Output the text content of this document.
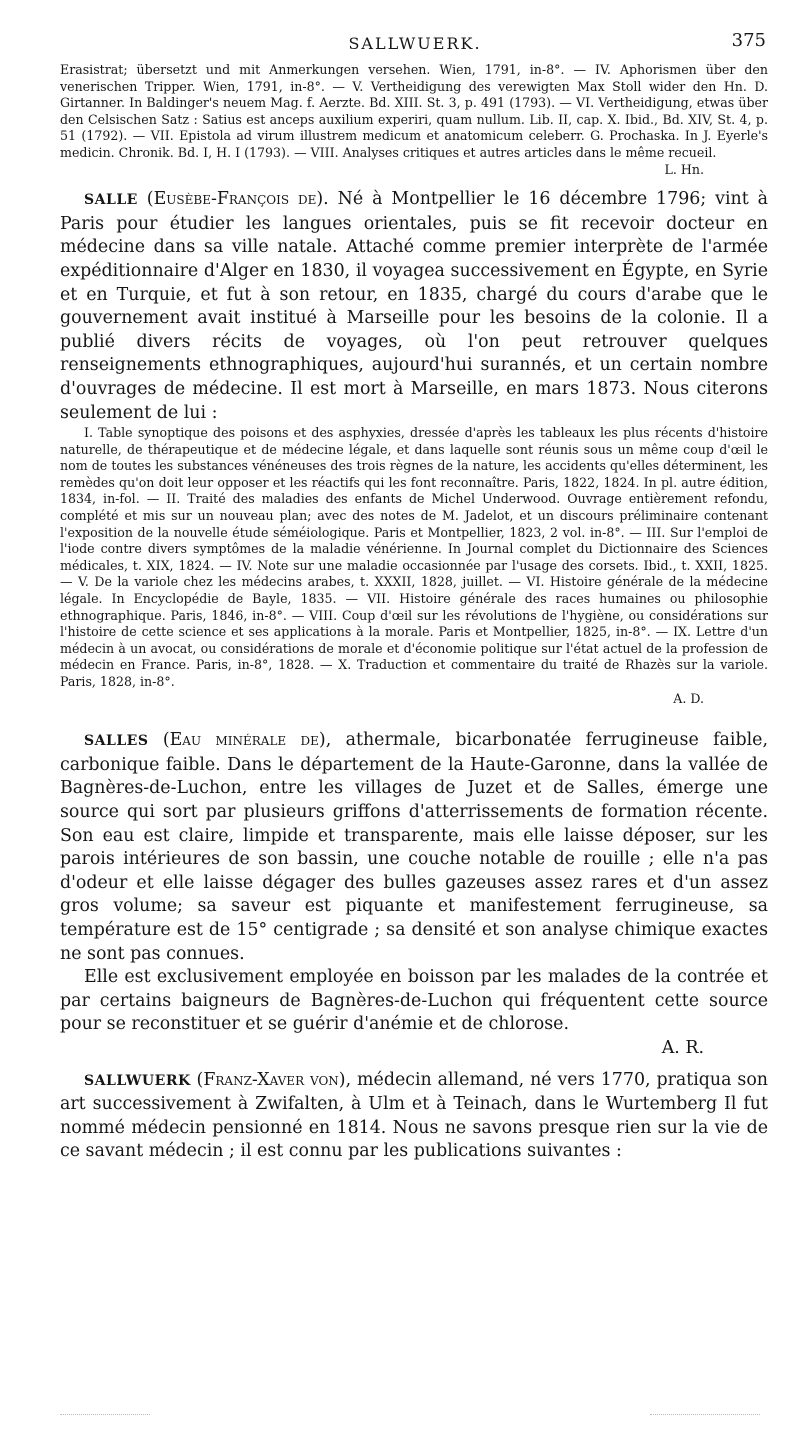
SALLWUERK.	375

Erasistrat; übersetzt und mit Anmerkungen versehen. Wien, 1791, in-8°. — IV. Aphorismen über den venerischen Tripper. Wien, 1791, in-8°. — V. Vertheidigung des verewigten Max Stoll wider den Hn. D. Girtanner. In Baldinger's neuem Mag. f. Aerzte. Bd. XIII. St. 3, p. 491 (1793). — VI. Vertheidigung, etwas über den Celsischen Satz : Satius est anceps auxilium experiri, quam nullum. Lib. II, cap. X. Ibid., Bd. XIV, St. 4, p. 51 (1792). — VII. Epistola ad virum illustrem medicum et anatomicum celeberr. G. Prochaska. In J. Eyerle's medicin. Chronik. Bd. I, H. I (1793). — VIII. Analyses critiques et autres articles dans le même recueil.

L. Hn.

SALLE (Eusèbe-François de). Né à Montpellier le 16 décembre 1796; vint à Paris pour étudier les langues orientales, puis se fit recevoir docteur en médecine dans sa ville natale. Attaché comme premier interprète de l'armée expéditionnaire d'Alger en 1830, il voyagea successivement en Égypte, en Syrie et en Turquie, et fut à son retour, en 1835, chargé du cours d'arabe que le gouvernement avait institué à Marseille pour les besoins de la colonie. Il a publié divers récits de voyages, où l'on peut retrouver quelques renseignements ethnographiques, aujourd'hui surannés, et un certain nombre d'ouvrages de médecine. Il est mort à Marseille, en mars 1873. Nous citerons seulement de lui :

I. Table synoptique des poisons et des asphyxies, dressée d'après les tableaux les plus récents d'histoire naturelle, de thérapeutique et de médecine légale, et dans laquelle sont réunis sous un même coup d'œil le nom de toutes les substances vénéneuses des trois règnes de la nature, les accidents qu'elles déterminent, les remèdes qu'on doit leur opposer et les réactifs qui les font reconnaître. Paris, 1822, 1824. In pl. autre édition, 1834, in-fol. — II. Traité des maladies des enfants de Michel Underwood. Ouvrage entièrement refondu, complété et mis sur un nouveau plan; avec des notes de M. Jadelot, et un discours préliminaire contenant l'exposition de la nouvelle étude séméiologique. Paris et Montpellier, 1823, 2 vol. in-8°. — III. Sur l'emploi de l'iode contre divers symptômes de la maladie vénérienne. In Journal complet du Dictionnaire des Sciences médicales, t. XIX, 1824. — IV. Note sur une maladie occasionnée par l'usage des corsets. Ibid., t. XXII, 1825. — V. De la variole chez les médecins arabes, t. XXXII, 1828, juillet. — VI. Histoire générale de la médecine légale. In Encyclopédie de Bayle, 1835. — VII. Histoire générale des races humaines ou philosophie ethnographique. Paris, 1846, in-8°. — VIII. Coup d'œil sur les révolutions de l'hygiène, ou considérations sur l'histoire de cette science et ses applications à la morale. Paris et Montpellier, 1825, in-8°. — IX. Lettre d'un médecin à un avocat, ou considérations de morale et d'économie politique sur l'état actuel de la profession de médecin en France. Paris, in-8°, 1828. — X. Traduction et commentaire du traité de Rhazès sur la variole. Paris, 1828, in-8°.

A. D.

SALLES (Eau minérale de), athermale, bicarbonatée ferrugineuse faible, carbonique faible. Dans le département de la Haute-Garonne, dans la vallée de Bagnères-de-Luchon, entre les villages de Juzet et de Salles, émerge une source qui sort par plusieurs griffons d'atterrissements de formation récente. Son eau est claire, limpide et transparente, mais elle laisse déposer, sur les parois intérieures de son bassin, une couche notable de rouille ; elle n'a pas d'odeur et elle laisse dégager des bulles gazeuses assez rares et d'un assez gros volume; sa saveur est piquante et manifestement ferrugineuse, sa température est de 15° centigrade ; sa densité et son analyse chimique exactes ne sont pas connues.

Elle est exclusivement employée en boisson par les malades de la contrée et par certains baigneurs de Bagnères-de-Luchon qui fréquentent cette source pour se reconstituer et se guérir d'anémie et de chlorose.

A. R.

SALLWUERK (Franz-Xaver von), médecin allemand, né vers 1770, pratiqua son art successivement à Zwifalten, à Ulm et à Teinach, dans le Wurtemberg Il fut nommé médecin pensionné en 1814. Nous ne savons presque rien sur la vie de ce savant médecin ; il est connu par les publications suivantes :
